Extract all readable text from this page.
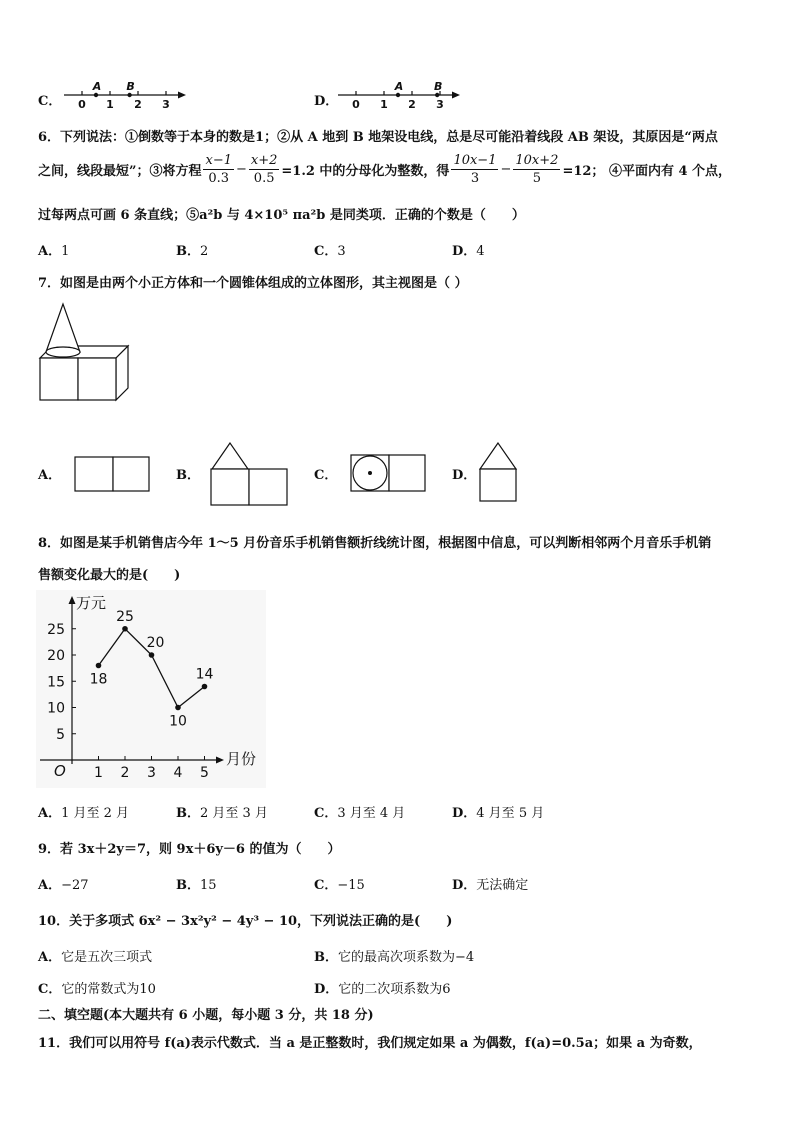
C． 0 1 2 3
A B
D． 0 1 2 3
A	B
6．下列说法：①倒数等于本身的数是1；②从 A 地到 B 地架设电线，总是尽可能沿着线段 AB 架设，其原因是“两点
之间，线段最短”；③将方程 $\frac{x-1}{0.3} - \frac{x+2}{0.5} =1.2$ 中的分母化为整数，得 $\frac{10x-1}{3} - \frac{10x+2}{5} =12$； ④平面内有 4 个点，
过每两点可画 6 条直线；⑤a²b 与 4×10⁵ πa²b 是同类项．正确的个数是（　　）
A．1	B．2	C．3	D．4
7．如图是由两个小正方体和一个圆锥体组成的立体图形，其主视图是（ ）
A．	B．	C．	D．
8．如图是某手机销售店今年 1～5 月份音乐手机销售额折线统计图，根据图中信息，可以判断相邻两个月音乐手机销
售额变化最大的是(　　)
万元
月份
O
5
10
15
20
25
1 2 3 4 5
18
25
20
10
14
A．1 月至 2 月	B．2 月至 3 月	C．3 月至 4 月	D．4 月至 5 月
9．若 3x＋2y＝7，则 9x＋6y－6 的值为（　　）
A．−27	B．15	C．−15	D．无法确定
10．关于多项式 6x² − 3x²y² − 4y³ − 10，下列说法正确的是(　　)
A．它是五次三项式	B．它的最高次项系数为−4
C．它的常数式为10	D．它的二次项系数为6
二、填空题(本大题共有 6 小题，每小题 3 分，共 18 分)
11．我们可以用符号 f(a)表示代数式．当 a 是正整数时，我们规定如果 a 为偶数，f(a)=0.5a；如果 a 为奇数，
